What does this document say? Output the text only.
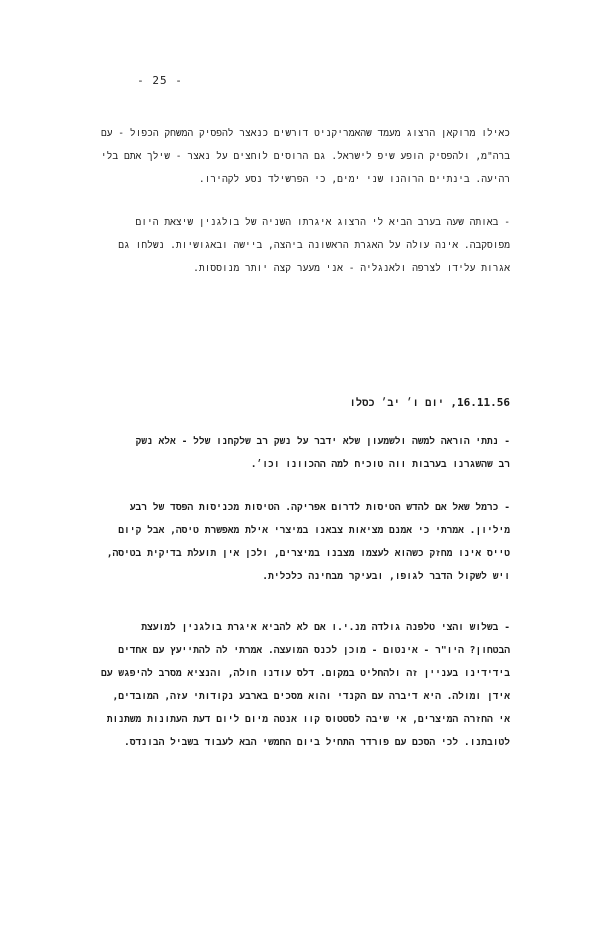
- 25 -
כאילו מרוקאן הרצוג מעמד שהאמריקניט דורשים כנאצר להפסיק המשחק הכפול - עם
ברה"מ, ולהפסיק הופע שיפ לישראל. גם הרוסים לוחצים על נאצר - שילך אתם בלי
רהיעה. בינתיים הרוהנו שני ימים, כי הפרשילד נסע לקהירו.
- באותה שעה בערב הביא לי הרצוג איגרתו השניה של בולגנין שיצאת היום
מפוסקבה. אינה עולה על האגרת הראשונה ביהצה, ביישה ובאגושיות. נשלחו גם
אגרות עלידו לצרפה ולאנגליה - אני מעער קצה יותר מנוססות.
16.11.56, יום ו׳ יב׳ כסלו
- נתתי הוראה למשה ולשמעון שלא ידבר על נשק רב שלקחנו שלל - אלא נשק
רב שהשגרנו בערבות ווה טוכיח למה ההכוונו וכו׳.
- כרמל שאל אם להדש הטיסות לדרום אפריקה. הטיסות מכניסות הפסד של רבע
מיליון. אמרתי כי אמנם מציאות צבאנו במיצרי אילת מאפשרת טיסה, אבל קיום
טייס אינו מחזק כשהוא לעצמו מצבנו במיצרים, ולכן אין תועלת בדיקית בטיסה,
ויש לשקול הדבר לגופו, ובעיקר מבחינה כלכלית.
- בשלוש והצי טלפנה גולדה מנ.י.ו אם לא להביא איגרת בולגנין למועצת
הבטחון? היו"ר - אינטום - מוכן לכנס המועצה. אמרתי לה להתייעץ עם אחדים
בידידינו בעניין זה ולהחליט במקום. דלס עודנו חולה, והנציא מסרב להיפגש עם
אידן ומולה. היא דיברה עם הקנדי והוא מסכים בארבע נקודותי עזה, המובדים,
אי החזרה המיצרים, אי שיבה לסטטוס קוו אנטה מיום ליום דעת העתונות משתנות
לטובתנו. לכי הסכם עם פורדר התחיל ביום החמשי הבא לעבוד בשביל הבונדס.
